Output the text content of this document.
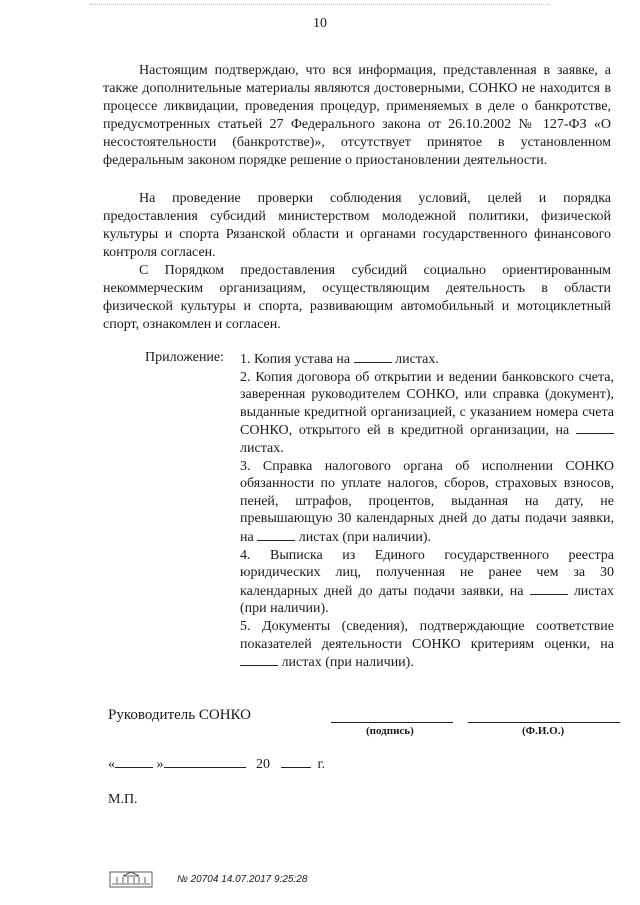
10

Настоящим подтверждаю, что вся информация, представленная в заявке, а также дополнительные материалы являются достоверными, СОНКО не находится в процессе ликвидации, проведения процедур, применяемых в деле о банкротстве, предусмотренных статьей 27 Федерального закона от 26.10.2002 № 127-ФЗ «О несостоятельности (банкротстве)», отсутствует принятое в установленном федеральным законом порядке решение о приостановлении деятельности.

На проведение проверки соблюдения условий, целей и порядка предоставления субсидий министерством молодежной политики, физической культуры и спорта Рязанской области и органами государственного финансового контроля согласен.

С Порядком предоставления субсидий социально ориентированным некоммерческим организациям, осуществляющим деятельность в области физической культуры и спорта, развивающим автомобильный и мотоциклетный спорт, ознакомлен и согласен.

Приложение: 1. Копия устава на	листах.

2. Копия договора об открытии и ведении банковского счета, заверенная руководителем СОНКО, или справка (документ), выданные кредитной организацией, с указанием номера счета СОНКО, открытого ей в кредитной организации, на  листах.

3. Справка налогового органа об исполнении СОНКО обязанности по уплате налогов, сборов, страховых взносов, пеней, штрафов, процентов, выданная на дату, не превышающую 30 календарных дней до даты подачи заявки, на	листах (при наличии).

4. Выписка из Единого государственного реестра юридических лиц, полученная не ранее чем за 30 календарных дней до даты подачи заявки, на	листах (при наличии).

5. Документы (сведения), подтверждающие соответствие показателей деятельности СОНКО критериям оценки, на  листах (при наличии).

Руководитель СОНКО
(подпись)	(Ф.И.О.)
«	»	20	г.
М.П.
№ 20704 14.07.2017 9:25:28
